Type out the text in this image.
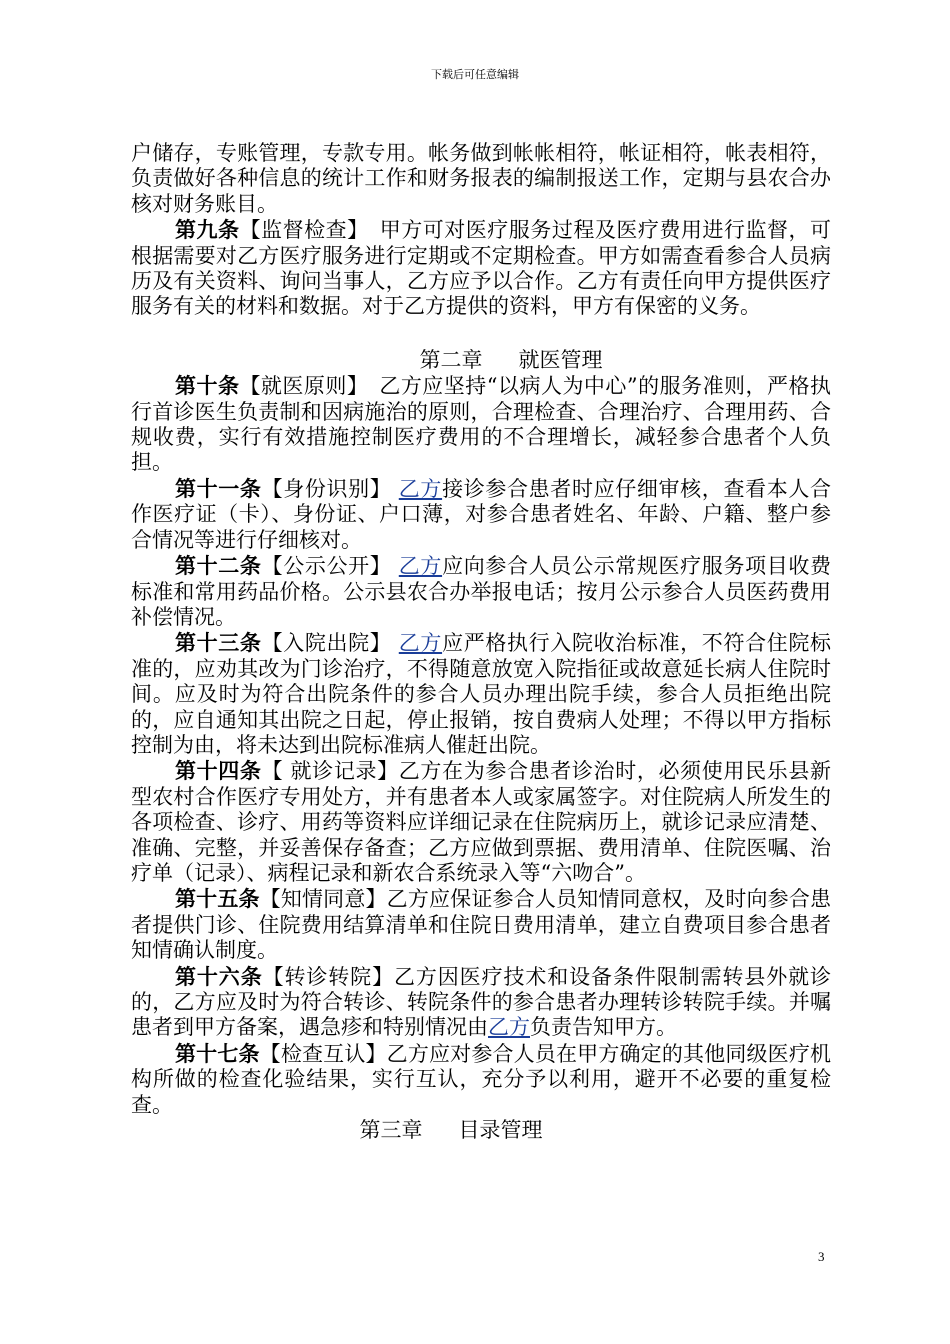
下载后可任意编辑

户储存，专账管理，专款专用。帐务做到帐帐相符，帐证相符，帐表相符，负责做好各种信息的统计工作和财务报表的编制报送工作，定期与县农合办核对财务账目。

第九条【监督检查】　甲方可对医疗服务过程及医疗费用进行监督，可根据需要对乙方医疗服务进行定期或不定期检查。甲方如需查看参合人员病历及有关资料、询问当事人，乙方应予以合作。乙方有责任向甲方提供医疗服务有关的材料和数据。对于乙方提供的资料，甲方有保密的义务。

第二章 就医管理

第十条【就医原则】　乙方应坚持“以病人为中心”的服务准则，严格执行首诊医生负责制和因病施治的原则，合理检查、合理治疗、合理用药、合规收费，实行有效措施控制医疗费用的不合理增长，减轻参合患者个人负担。

第十一条【身份识别】 乙方接诊参合患者时应仔细审核，查看本人合作医疗证（卡）、身份证、户口薄，对参合患者姓名、年龄、户籍、整户参合情况等进行仔细核对。

第十二条【公示公开】 乙方应向参合人员公示常规医疗服务项目收费标准和常用药品价格。公示县农合办举报电话；按月公示参合人员医药费用补偿情况。

第十三条【入院出院】 乙方应严格执行入院收治标准，不符合住院标准的，应劝其改为门诊治疗，不得随意放宽入院指征或故意延长病人住院时间。应及时为符合出院条件的参合人员办理出院手续，参合人员拒绝出院的，应自通知其出院之日起，停止报销，按自费病人处理；不得以甲方指标控制为由，将未达到出院标准病人催赶出院。

第十四条【 就诊记录】乙方在为参合患者诊治时，必须使用民乐县新型农村合作医疗专用处方，并有患者本人或家属签字。对住院病人所发生的各项检查、诊疗、用药等资料应详细记录在住院病历上，就诊记录应清楚、准确、完整，并妥善保存备查；乙方应做到票据、费用清单、住院医嘱、治疗单（记录）、病程记录和新农合系统录入等“六吻合”。

第十五条【知情同意】乙方应保证参合人员知情同意权，及时向参合患者提供门诊、住院费用结算清单和住院日费用清单，建立自费项目参合患者知情确认制度。

第十六条【转诊转院】乙方因医疗技术和设备条件限制需转县外就诊的，乙方应及时为符合转诊、转院条件的参合患者办理转诊转院手续。并嘱患者到甲方备案，遇急疹和特别情况由乙方负责告知甲方。

第十七条【检查互认】乙方应对参合人员在甲方确定的其他同级医疗机构所做的检查化验结果，实行互认，充分予以利用，避开不必要的重复检查。

第三章 目录管理

3
